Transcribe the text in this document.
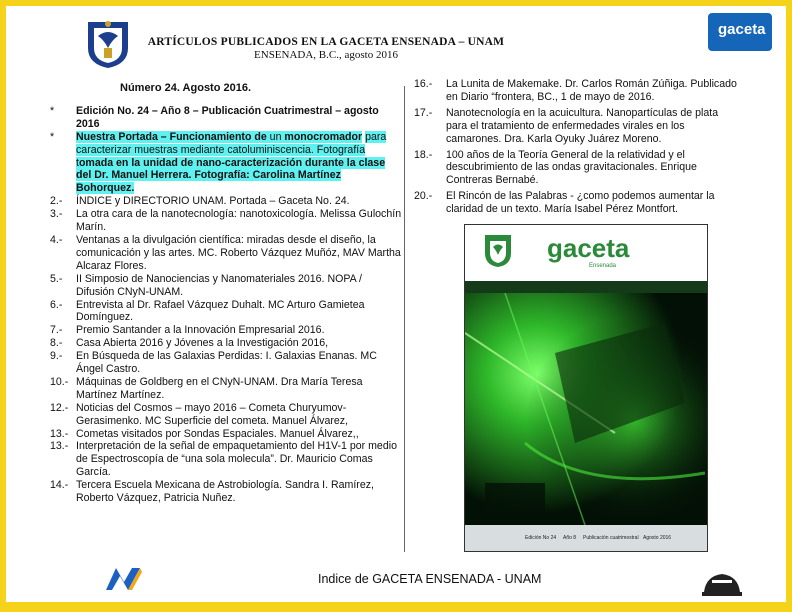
ARTÍCULOS PUBLICADOS EN LA GACETA ENSENADA – UNAM
ENSENADA, B.C., agosto 2016
gaceta
Número 24. Agosto 2016.
*	Edición No. 24 – Año 8 – Publicación Cuatrimestral – agosto 2016
*	Nuestra Portada – Funcionamiento de un monocromador para caracterizar muestras mediante catoluminiscencia. Fotografía tomada en la unidad de nano-caracterización durante la clase del Dr. Manuel Herrera. Fotografía: Carolina Martínez Bohorquez.
2.-	ÍNDICE y DIRECTORIO UNAM. Portada – Gaceta No. 24.
3.-	La otra cara de la nanotecnología: nanotoxicología. Melissa Gulochín Marín.
4.-	Ventanas a la divulgación científica: miradas desde el diseño, la comunicación y las artes. MC. Roberto Vázquez Muñóz, MAV Martha Alcaraz Flores.
5.-	II Simposio de Nanociencias y Nanomateriales 2016. NOPA / Difusión CNyN-UNAM.
6.-	Entrevista al Dr. Rafael Vázquez Duhalt. MC Arturo Gamietea Domínguez.
7.-	Premio Santander a la Innovación Empresarial 2016.
8.-	Casa Abierta 2016 y Jóvenes a la Investigación 2016,
9.-	En Búsqueda de las Galaxias Perdidas: I. Galaxias Enanas. MC Ángel Castro.
10.- Máquinas de Goldberg en el CNyN-UNAM. Dra María Teresa Martínez Martínez.
12.- Noticias del Cosmos – mayo 2016 – Cometa Churyumov-Gerasimenko. MC Superficie del cometa. Manuel Álvarez,
13.- Cometas visitados por Sondas Espaciales. Manuel Álvarez,,
13.- Interpretación de la señal de empaquetamiento del H1V-1 por medio de Espectroscopía de “una sola molecula”. Dr. Mauricio Comas García.
14.- Tercera Escuela Mexicana de Astrobiología. Sandra I. Ramírez, Roberto Vázquez, Patricia Nuñez.
16.-	La Lunita de Makemake. Dr. Carlos Román Zúñiga. Publicado en Diario “frontera, BC., 1 de mayo de 2016.
17.-	Nanotecnología en la acuicultura. Nanopartículas de plata para el tratamiento de enfermedades virales en los camarones. Dra. Karla Oyuky Juárez Moreno.
18.-	100 años de la Teoría General de la relatividad y el descubrimiento de las ondas gravitacionales. Enrique Contreras Bernabé.
20.-	El Rincón de las Palabras - ¿como podemos aumentar la claridad de un texto. María Isabel Pérez Montfort.
gaceta
Ensenada
Edición No 24 Año 8 Publicación cuatrimestral Agosto 2016
Indice de GACETA ENSENADA - UNAM
unam
